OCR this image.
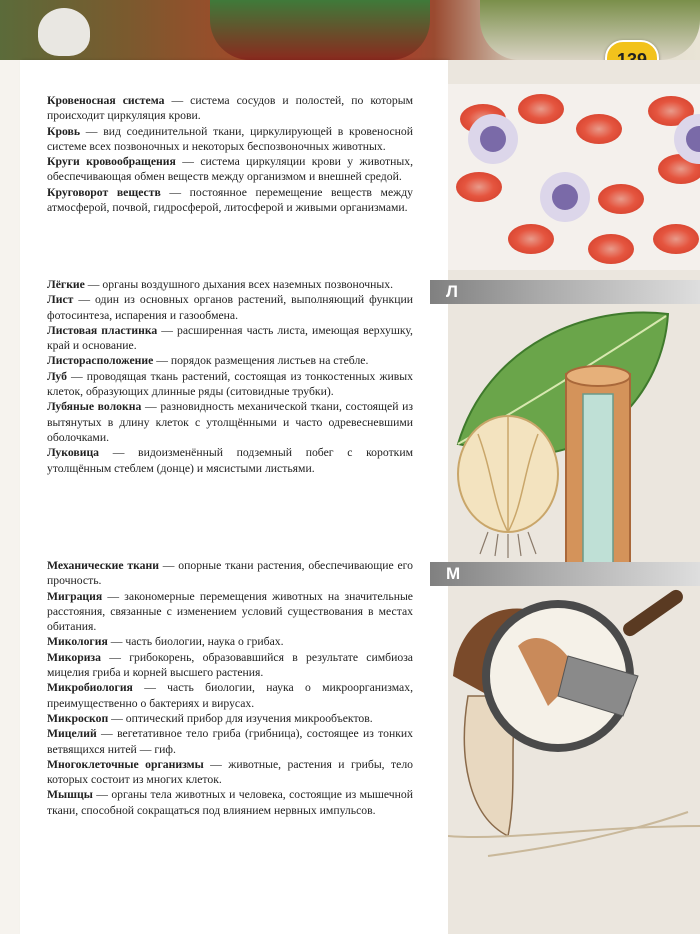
Л
М

Кровеносная система — система сосудов и полостей, по которым происходит циркуляция крови.

Кровь — вид соединительной ткани, циркулирующей в кровеносной системе всех позвоночных и некоторых беспозвоночных животных.

Круги кровообращения — система циркуляции крови у животных, обеспечивающая обмен веществ между организмом и внешней средой.

Круговорот веществ — постоянное перемещение веществ между атмосферой, почвой, гидросферой, литосферой и живыми организмами.

Лёгкие — органы воздушного дыхания всех наземных позвоночных.

Лист — один из основных органов растений, выполняющий функции фотосинтеза, испарения и газообмена.

Листовая пластинка — расширенная часть листа, имеющая верхушку, край и основание.

Листорасположение — порядок размещения листьев на стебле.

Луб — проводящая ткань растений, состоящая из тонкостенных живых клеток, образующих длинные ряды (ситовидные трубки).

Лубяные волокна — разновидность механической ткани, состоящей из вытянутых в длину клеток с утолщёнными и часто одревесневшими оболочками.

Луковица — видоизменённый подземный побег с коротким утолщённым стеблем (донце) и мясистыми листьями.

Механические ткани — опорные ткани растения, обеспечивающие его прочность.

Миграция — закономерные перемещения животных на значительные расстояния, связанные с изменением условий существования в местах обитания.

Микология — часть биологии, наука о грибах.

Микориза — грибокорень, образовавшийся в результате симбиоза мицелия гриба и корней высшего растения.

Микробиология — часть биологии, наука о микроорганизмах, преимущественно о бактериях и вирусах.

Микроскоп — оптический прибор для изучения микрообъектов.

Мицелий — вегетативное тело гриба (грибница), состоящее из тонких ветвящихся нитей — гиф.

Многоклеточные организмы — животные, растения и грибы, тело которых состоит из многих клеток.

Мышцы — органы тела животных и человека, состоящие из мышечной ткани, способной сокращаться под влиянием нервных импульсов.
